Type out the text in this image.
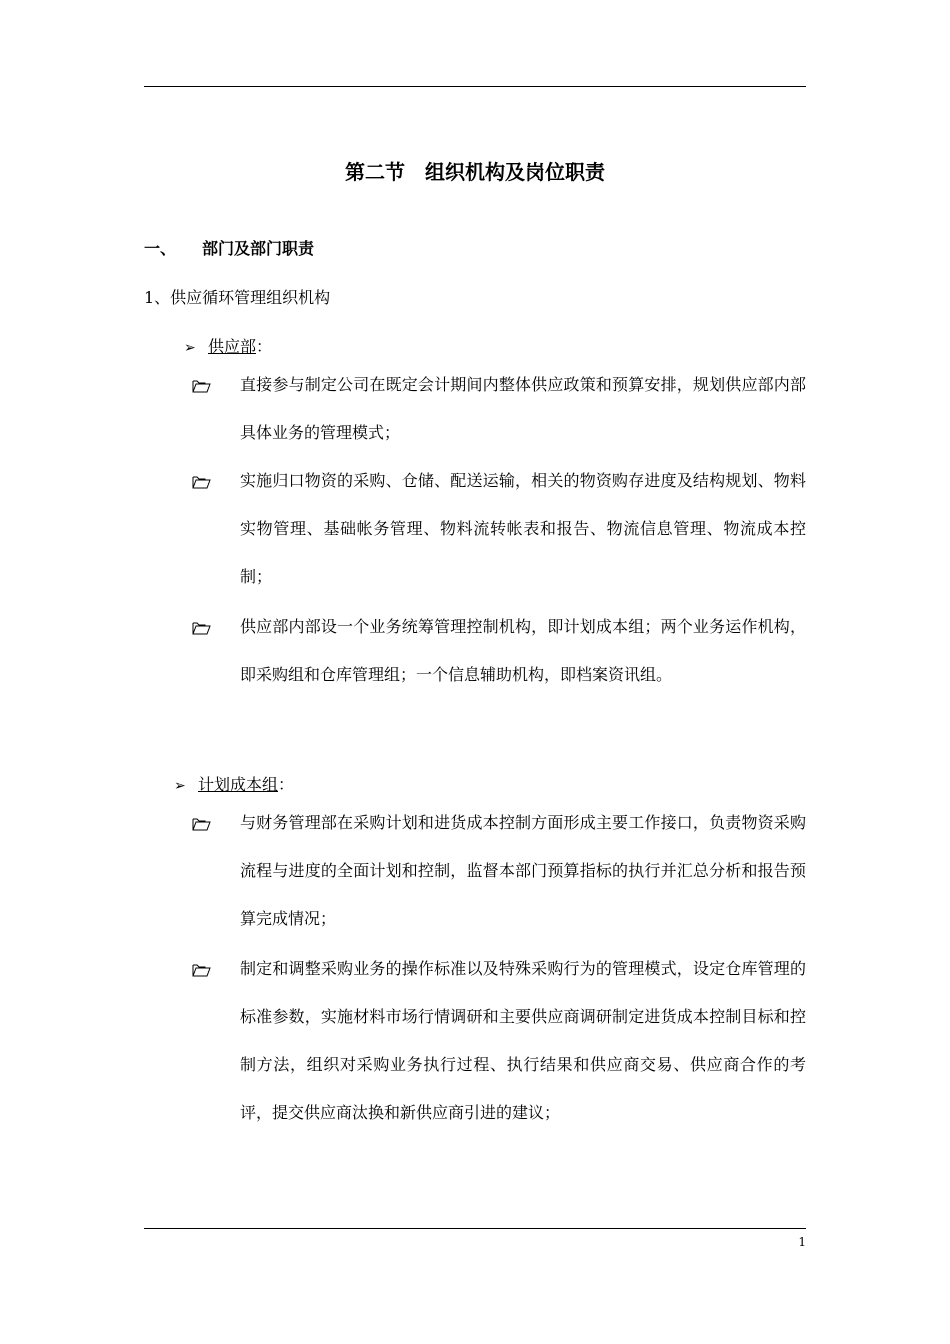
第二节　组织机构及岗位职责
一、 部门及部门职责
1、供应循环管理组织机构
➢ 供应部：
直接参与制定公司在既定会计期间内整体供应政策和预算安排，规划供应部内部具体业务的管理模式；
实施归口物资的采购、仓储、配送运输，相关的物资购存进度及结构规划、物料实物管理、基础帐务管理、物料流转帐表和报告、物流信息管理、物流成本控制；
供应部内部设一个业务统筹管理控制机构，即计划成本组；两个业务运作机构，即采购组和仓库管理组；一个信息辅助机构，即档案资讯组。
➢ 计划成本组：
与财务管理部在采购计划和进货成本控制方面形成主要工作接口，负责物资采购流程与进度的全面计划和控制，监督本部门预算指标的执行并汇总分析和报告预算完成情况；
制定和调整采购业务的操作标准以及特殊采购行为的管理模式，设定仓库管理的标准参数，实施材料市场行情调研和主要供应商调研制定进货成本控制目标和控制方法，组织对采购业务执行过程、执行结果和供应商交易、供应商合作的考评，提交供应商汰换和新供应商引进的建议；
1
